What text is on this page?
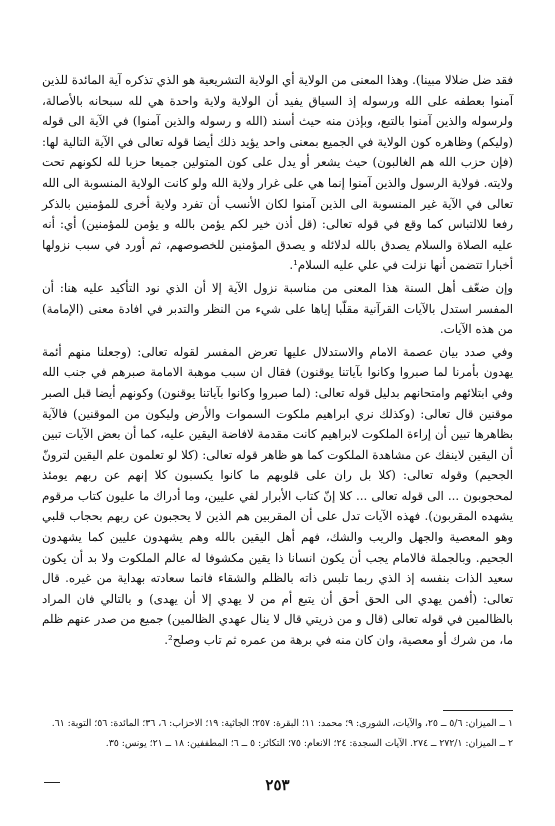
فقد ضل ضلالا مبينا). وهذا المعنى من الولاية أي الولاية التشريعية هو الذي تذكره آية المائدة للذين آمنوا بعطفه على الله ورسوله إذ السياق يفيد أن الولاية ولاية واحدة هي لله سبحانه بالأصالة، ولرسوله والذين آمنوا بالتبع، وبإذن منه حيث أسند (الله و رسوله والذين آمنوا) في الآية الى قوله (وليكم) وظاهره كون الولاية في الجميع بمعنى واحد يؤيد ذلك أيضا قوله تعالى في الآية التالية لها: (فإن حزب الله هم الغالبون) حيث يشعر أو يدل على كون المتولين جميعا حزبا لله لكونهم تحت ولايته. فولاية الرسول والذين آمنوا إنما هي على غرار ولاية الله ولو كانت الولاية المنسوبة الى الله تعالى في الآية غير المنسوبة الى الذين آمنوا لكان الأنسب أن تفرد ولاية أخرى للمؤمنين بالذكر رفعا للالتباس كما وقع في قوله تعالى: (قل أذن خير لكم يؤمن بالله و يؤمن للمؤمنين) أي: أنه عليه الصلاة والسلام يصدق بالله لدلائله و يصدق المؤمنين للخصوصهم، ثم أورد في سبب نزولها أخبارا تتضمن أنها نزلت في علي عليه السلام¹.

وإن ضعّف أهل السنة هذا المعنى من مناسبة نزول الآية إلا أن الذي نود التأكيد عليه هنا: أن المفسر استدل بالآيات القرآنية مقلّبا إياها على شيء من النظر والتدبر في افادة معنى (الإمامة) من هذه الآيات.

وفي صدد بيان عصمة الامام والاستدلال عليها تعرض المفسر لقوله تعالى: (وجعلنا منهم أئمة يهدون بأمرنا لما صبروا وكانوا بآياتنا يوقنون) فقال ان سبب موهبة الامامة صبرهم في جنب الله وفي ابتلائهم وامتحانهم بدليل قوله تعالى: (لما صبروا وكانوا بآياتنا يوقنون) وكونهم أيضا قبل الصبر موقنين قال تعالى: (وكذلك نري ابراهيم ملكوت السموات والأرض وليكون من الموقنين) فالآية بظاهرها تبين أن إراءة الملكوت لابراهيم كانت مقدمة لافاضة اليقين عليه، كما أن بعض الآيات تبين أن اليقين لاينفك عن مشاهدة الملكوت كما هو ظاهر قوله تعالى: (كلا لو تعلمون علم اليقين لترونّ الجحيم) وقوله تعالى: (كلا بل ران على قلوبهم ما كانوا يكسبون كلا إنهم عن ربهم يومئذ لمحجوبون ... الى قوله تعالى ... كلا إنّ كتاب الأبرار لفي عليين، وما أدراك ما عليون كتاب مرقوم يشهده المقربون). فهذه الآيات تدل على أن المقربين هم الذين لا يحجبون عن ربهم بحجاب قلبي وهو المعصية والجهل والريب والشك، فهم أهل اليقين بالله وهم يشهدون عليين كما يشهدون الجحيم. وبالجملة فالامام يجب أن يكون انسانا ذا يقين مكشوفا له عالم الملكوت ولا بد أن يكون سعيد الذات بنفسه إذ الذي ربما تلبس ذاته بالظلم والشقاء فانما سعادته بهداية من غيره. قال تعالى: (أفمن يهدي الى الحق أحق أن يتبع أم من لا يهدي إلا أن يهدى) و بالتالي فان المراد بالظالمين في قوله تعالى (قال و من ذريتي قال لا ينال عهدي الظالمين) جميع من صدر عنهم ظلم ما، من شرك أو معصية، وان كان منه في برهة من عمره ثم تاب وصلح².

١ ــ الميزان: ٥/٦ ــ ٢٥، والآيات، الشورى: ٩؛ محمد: ١١؛ البقرة: ٢٥٧؛ الجاثية: ١٩؛ الاحزاب: ٦، ٣٦؛ المائدة: ٥٦؛ التوبة: ٦١.

٢ ــ الميزان: ٢٧٢/١ ــ ٢٧٤. الآيات السجدة: ٢٤؛ الانعام: ٧٥؛ التكاثر: ٥ ــ ٦؛ المطففين: ١٨ ــ ٢١؛ يونس: ٣٥.

٢٥٣
